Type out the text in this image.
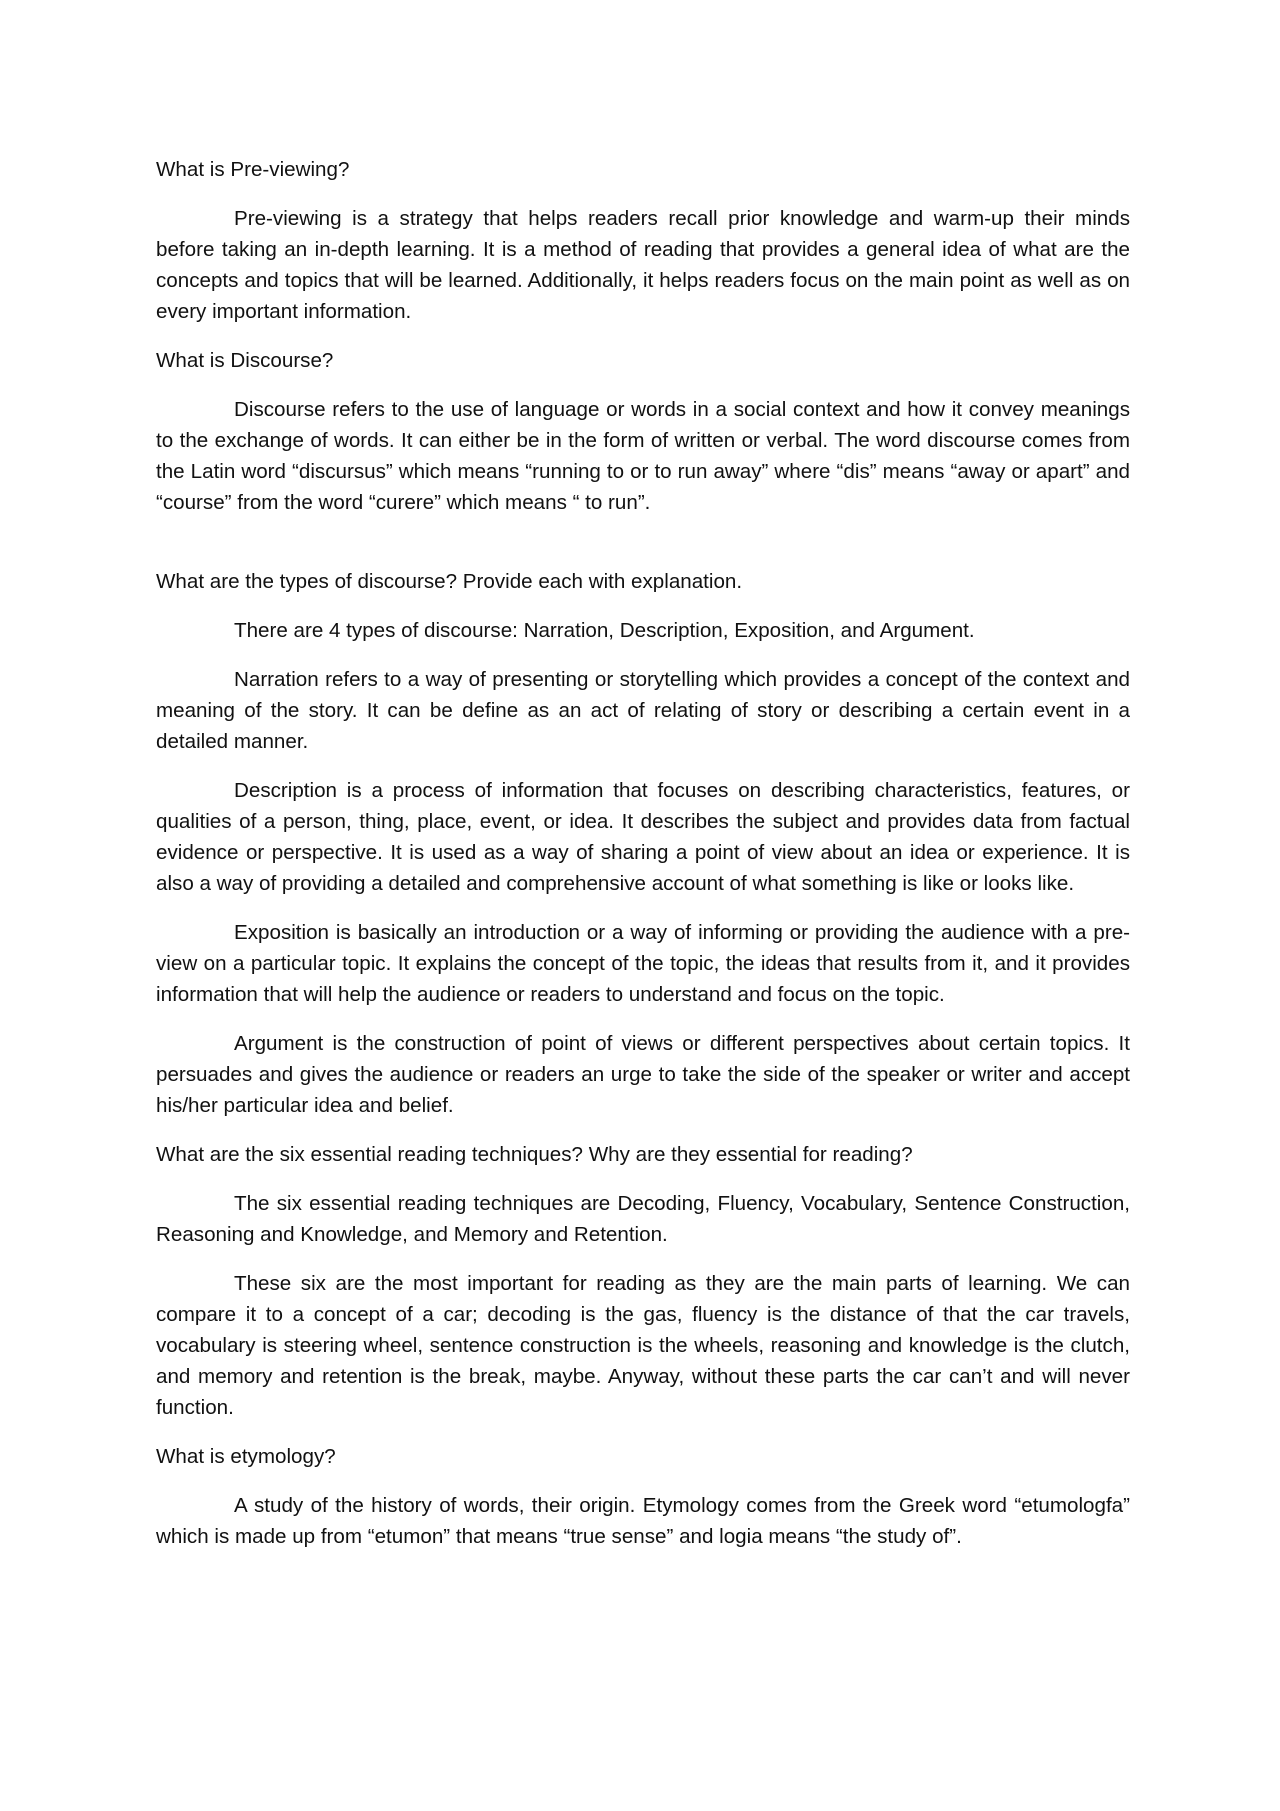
What is Pre-viewing?

Pre-viewing is a strategy that helps readers recall prior knowledge and warm-up their minds before taking an in-depth learning. It is a method of reading that provides a general idea of what are the concepts and topics that will be learned. Additionally, it helps readers focus on the main point as well as on every important information.

What is Discourse?

Discourse refers to the use of language or words in a social context and how it convey meanings to the exchange of words. It can either be in the form of written or verbal. The word discourse comes from the Latin word “discursus” which means “running to or to run away” where “dis” means “away or apart” and “course” from the word “curere” which means “ to run”.

What are the types of discourse? Provide each with explanation.

There are 4 types of discourse: Narration, Description, Exposition, and Argument.

Narration refers to a way of presenting or storytelling which provides a concept of the context and meaning of the story. It can be define as an act of relating of story or describing a certain event in a detailed manner.

Description is a process of information that focuses on describing characteristics, features, or qualities of a person, thing, place, event, or idea. It describes the subject and provides data from factual evidence or perspective. It is used as a way of sharing a point of view about an idea or experience. It is also a way of providing a detailed and comprehensive account of what something is like or looks like.

Exposition is basically an introduction or a way of informing or providing the audience with a pre-view on a particular topic. It explains the concept of the topic, the ideas that results from it, and it provides information that will help the audience or readers to understand and focus on the topic.

Argument is the construction of point of views or different perspectives about certain topics. It persuades and gives the audience or readers an urge to take the side of the speaker or writer and accept his/her particular idea and belief.

What are the six essential reading techniques? Why are they essential for reading?

The six essential reading techniques are Decoding, Fluency, Vocabulary, Sentence Construction, Reasoning and Knowledge, and Memory and Retention.

These six are the most important for reading as they are the main parts of learning. We can compare it to a concept of a car; decoding is the gas, fluency is the distance of that the car travels, vocabulary is steering wheel, sentence construction is the wheels, reasoning and knowledge is the clutch, and memory and retention is the break, maybe. Anyway, without these parts the car can’t and will never function.

What is etymology?

A study of the history of words, their origin. Etymology comes from the Greek word “etumologfa” which is made up from “etumon” that means “true sense” and logia means “the study of”.
